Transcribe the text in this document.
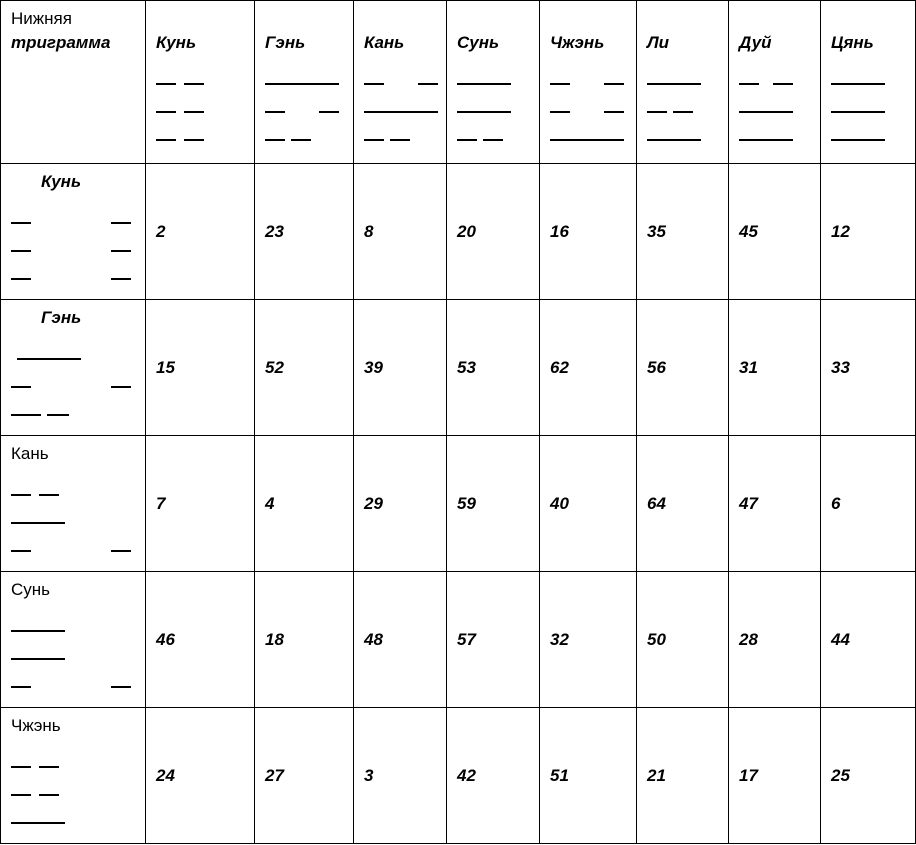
Нижняя
триграмма	Кунь	Гэнь	Кань	Сунь	Чжэнь	Ли	Дуй	Цянь

Кунь	2	23	8	20	16	35	45	12

Гэнь	15	52	39	53	62	56	31	33

Кань	7	4	29	59	40	64	47	6

Сунь	46	18	48	57	32	50	28	44

Чжэнь	24	27	3	42	51	21	17	25
